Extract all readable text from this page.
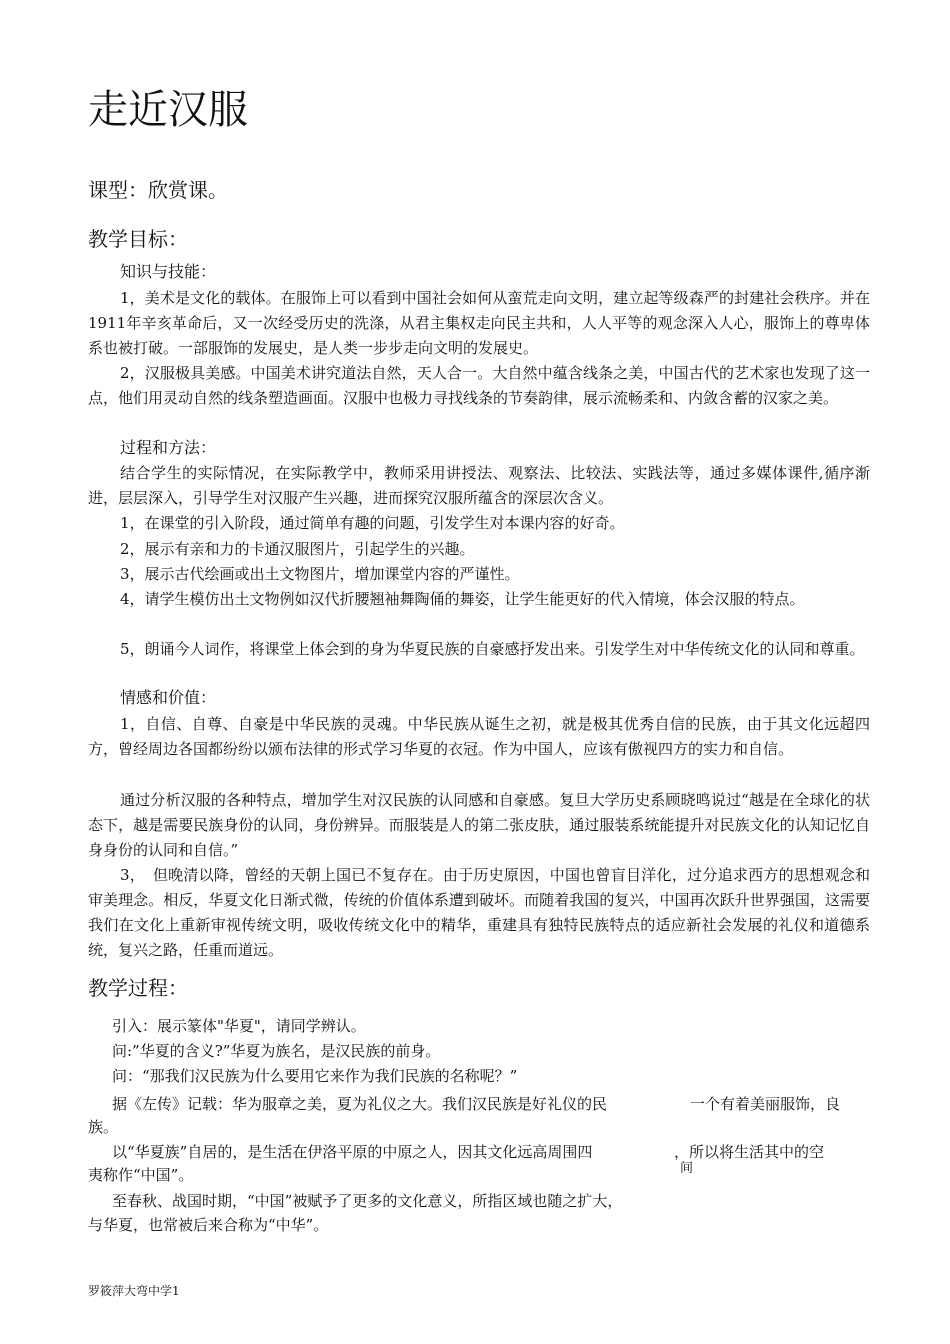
走近汉服
课型：欣赏课。
教学目标：
知识与技能：

1，美术是文化的载体。在服饰上可以看到中国社会如何从蛮荒走向文明，建立起等级森严的封建社会秩序。并在1911年辛亥革命后，又一次经受历史的洗涤，从君主集权走向民主共和，人人平等的观念深入人心，服饰上的尊卑体系也被打破。一部服饰的发展史，是人类一步步走向文明的发展史。

2，汉服极具美感。中国美术讲究道法自然，天人合一。大自然中蕴含线条之美，中国古代的艺术家也发现了这一点，他们用灵动自然的线条塑造画面。汉服中也极力寻找线条的节奏韵律，展示流畅柔和、内敛含蓄的汉家之美。

过程和方法：

结合学生的实际情况，在实际教学中，教师采用讲授法、观察法、比较法、实践法等，通过多媒体课件,循序渐进，层层深入，引导学生对汉服产生兴趣，进而探究汉服所蕴含的深层次含义。

1，在课堂的引入阶段，通过简单有趣的问题，引发学生对本课内容的好奇。

2，展示有亲和力的卡通汉服图片，引起学生的兴趣。

3，展示古代绘画或出土文物图片，增加课堂内容的严谨性。

4，请学生模仿出土文物例如汉代折腰翘袖舞陶俑的舞姿，让学生能更好的代入情境，体会汉服的特点。

5，朗诵今人词作，将课堂上体会到的身为华夏民族的自豪感抒发出来。引发学生对中华传统文化的认同和尊重。

情感和价值：

1，自信、自尊、自豪是中华民族的灵魂。中华民族从诞生之初，就是极其优秀自信的民族，由于其文化远超四方，曾经周边各国都纷纷以颁布法律的形式学习华夏的衣冠。作为中国人，应该有傲视四方的实力和自信。

通过分析汉服的各种特点，增加学生对汉民族的认同感和自豪感。复旦大学历史系顾晓鸣说过“越是在全球化的状态下，越是需要民族身份的认同，身份辨异。而服装是人的第二张皮肤，通过服装系统能提升对民族文化的认知记忆自身身份的认同和自信。”

3，　但晚清以降，曾经的天朝上国已不复存在。由于历史原因，中国也曾盲目洋化，过分追求西方的思想观念和审美理念。相反，华夏文化日渐式微，传统的价值体系遭到破坏。而随着我国的复兴，中国再次跃升世界强国，这需要我们在文化上重新审视传统文明，吸收传统文化中的精华，重建具有独特民族特点的适应新社会发展的礼仪和道德系统，复兴之路，任重而道远。

教学过程：
引入：展示篆体"华夏"，请同学辨认。
问:”华夏的含义?”华夏为族名，是汉民族的前身。
问：“那我们汉民族为什么要用它来作为我们民族的名称呢？”
据《左传》记载：华为服章之美，夏为礼仪之大。我们汉民族是好礼仪的民	一个有着美丽服饰，良
族。
以“华夏族”自居的，是生活在伊洛平原的中原之人，因其文化远高周围四	，所以将生活其中的空
间
夷称作“中国”。
至春秋、战国时期，“中国”被赋予了更多的文化意义，所指区域也随之扩大，
与华夏，也常被后来合称为“中华”。
罗筱萍大弯中学1
